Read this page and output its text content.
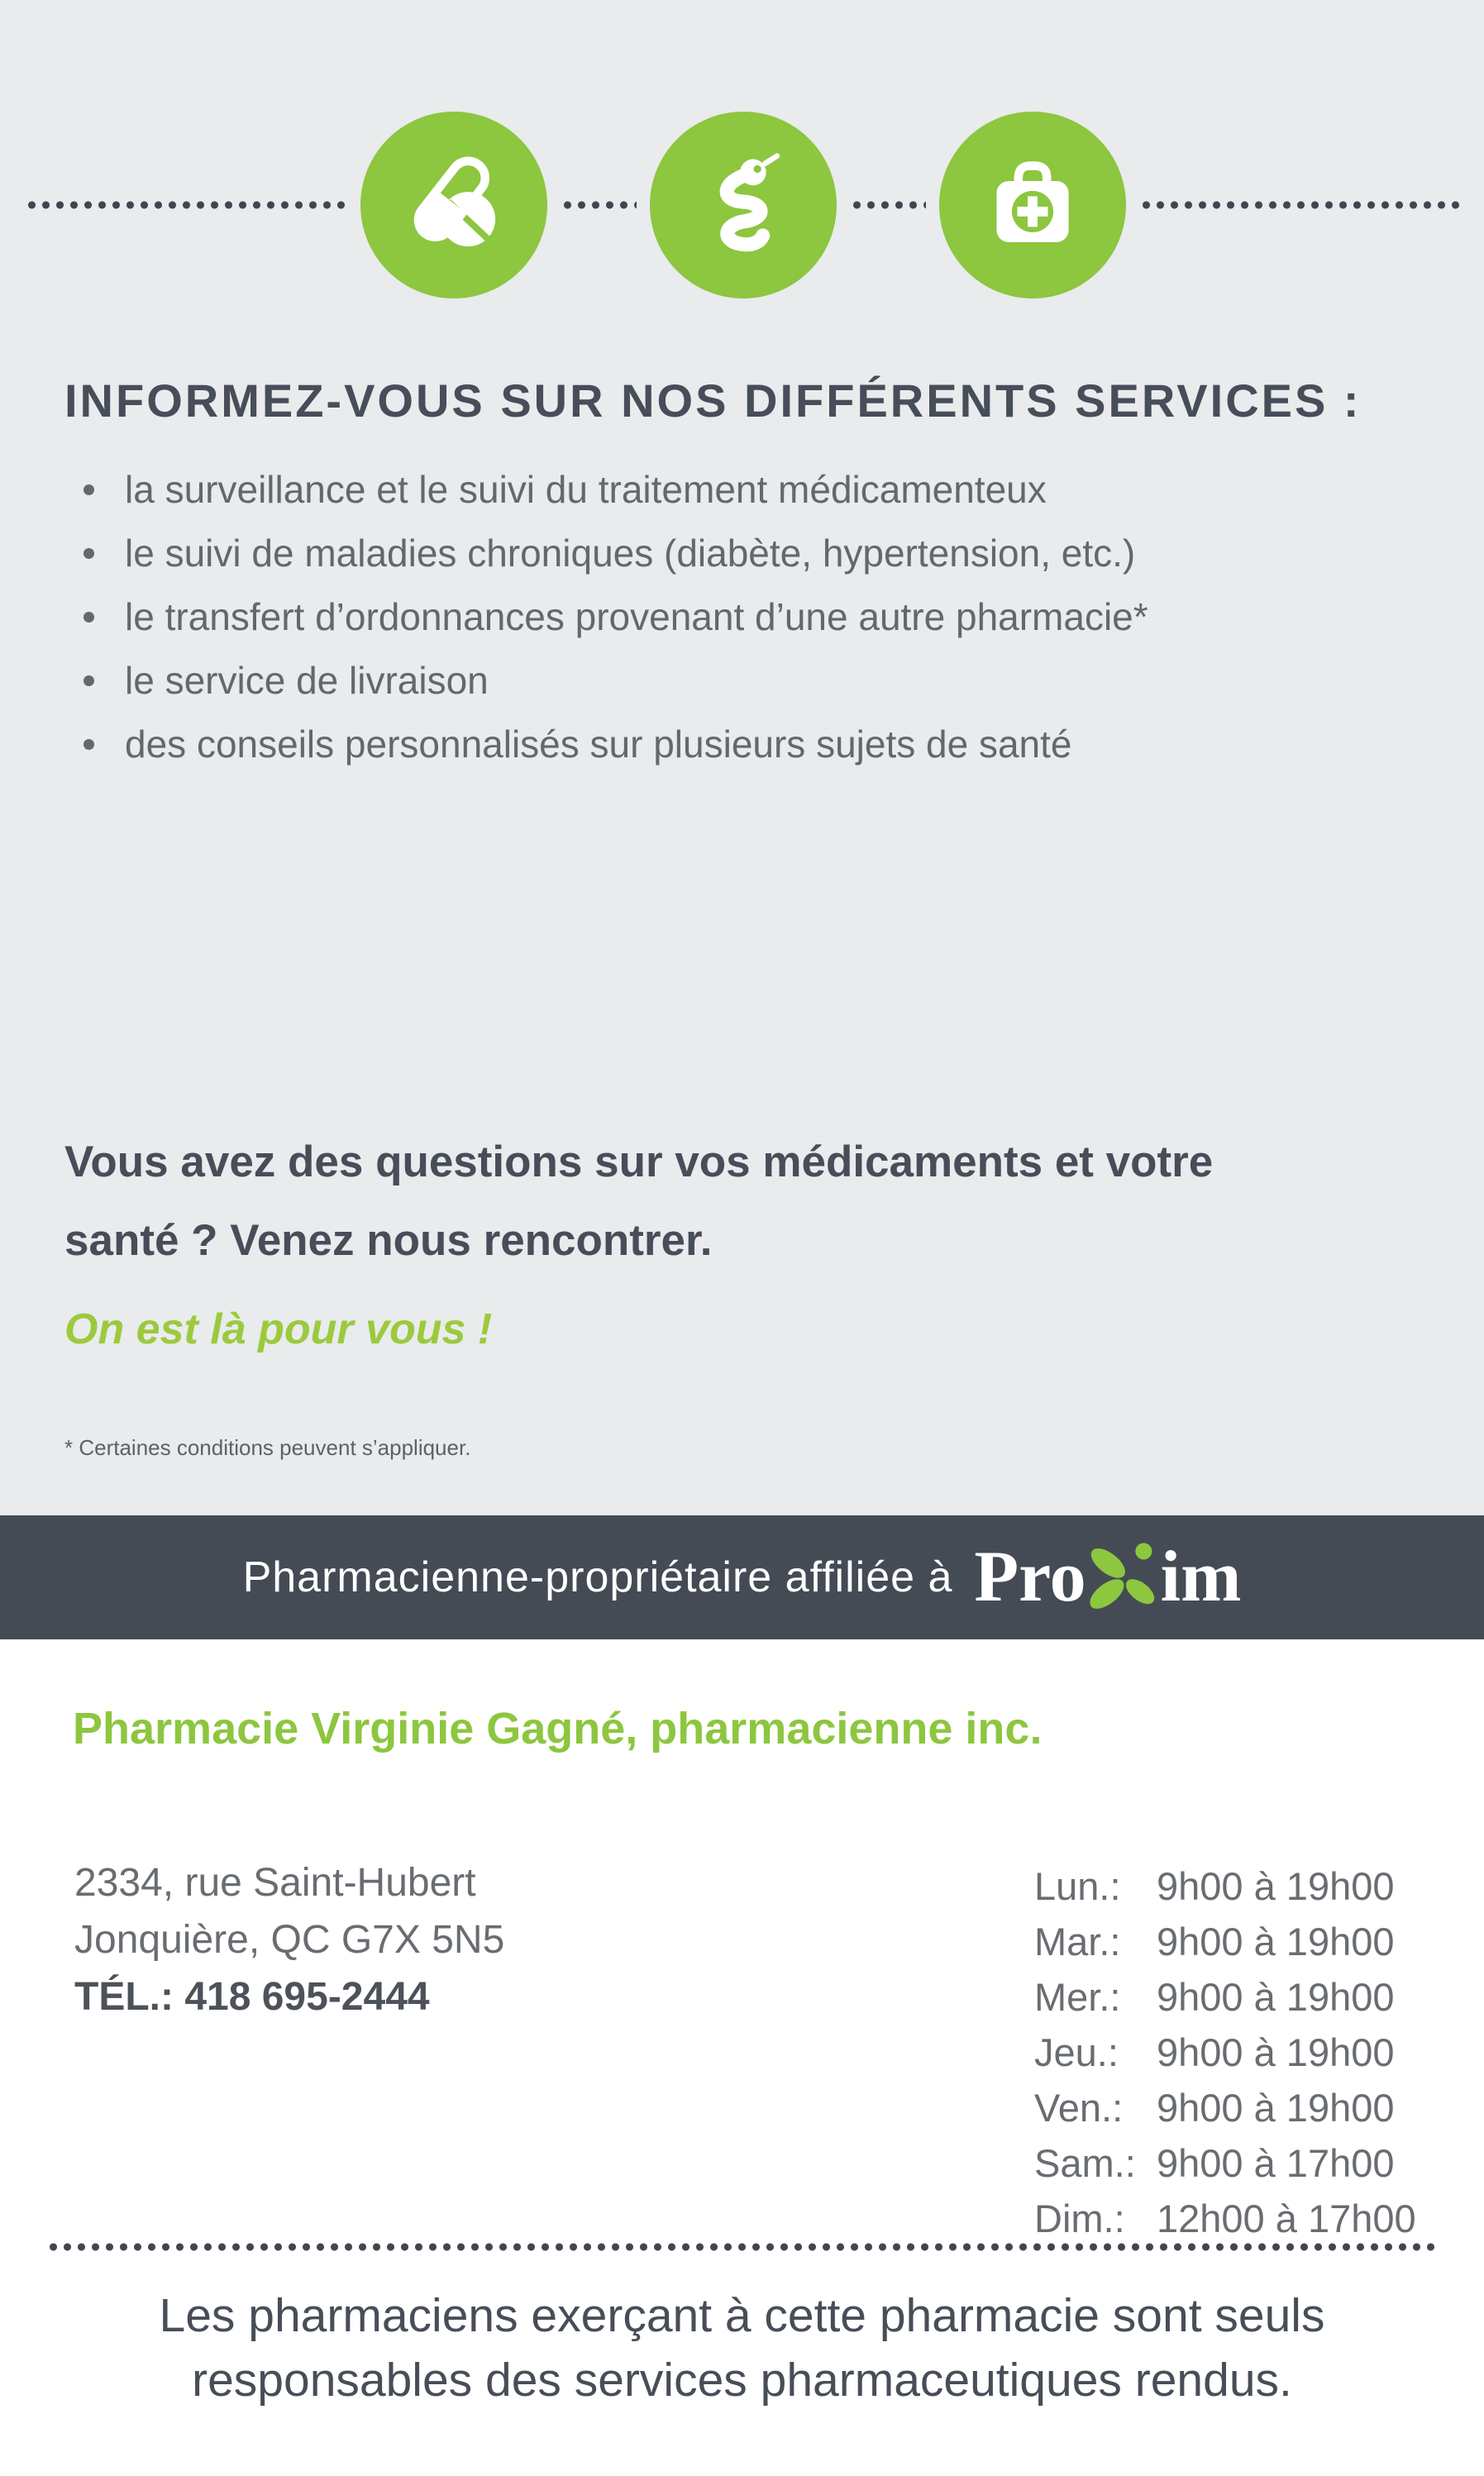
INFORMEZ-VOUS SUR NOS DIFFÉRENTS SERVICES :
la surveillance et le suivi du traitement médicamenteux
le suivi de maladies chroniques (diabète, hypertension, etc.)
le transfert d’ordonnances provenant d’une autre pharmacie*
le service de livraison
des conseils personnalisés sur plusieurs sujets de santé
Vous avez des questions sur vos médicaments et votre
santé ? Venez nous rencontrer.
On est là pour vous !
* Certaines conditions peuvent s’appliquer.
Pharmacienne-propriétaire affiliée à Pro im
Pharmacie Virginie Gagné, pharmacienne inc.
2334, rue Saint-Hubert
Jonquière, QC G7X 5N5
TÉL.: 418 695-2444
Lun.: 9h00 à 19h00
Mar.: 9h00 à 19h00
Mer.: 9h00 à 19h00
Jeu.: 9h00 à 19h00
Ven.: 9h00 à 19h00
Sam.: 9h00 à 17h00
Dim.: 12h00 à 17h00
Les pharmaciens exerçant à cette pharmacie sont seuls
responsables des services pharmaceutiques rendus.
